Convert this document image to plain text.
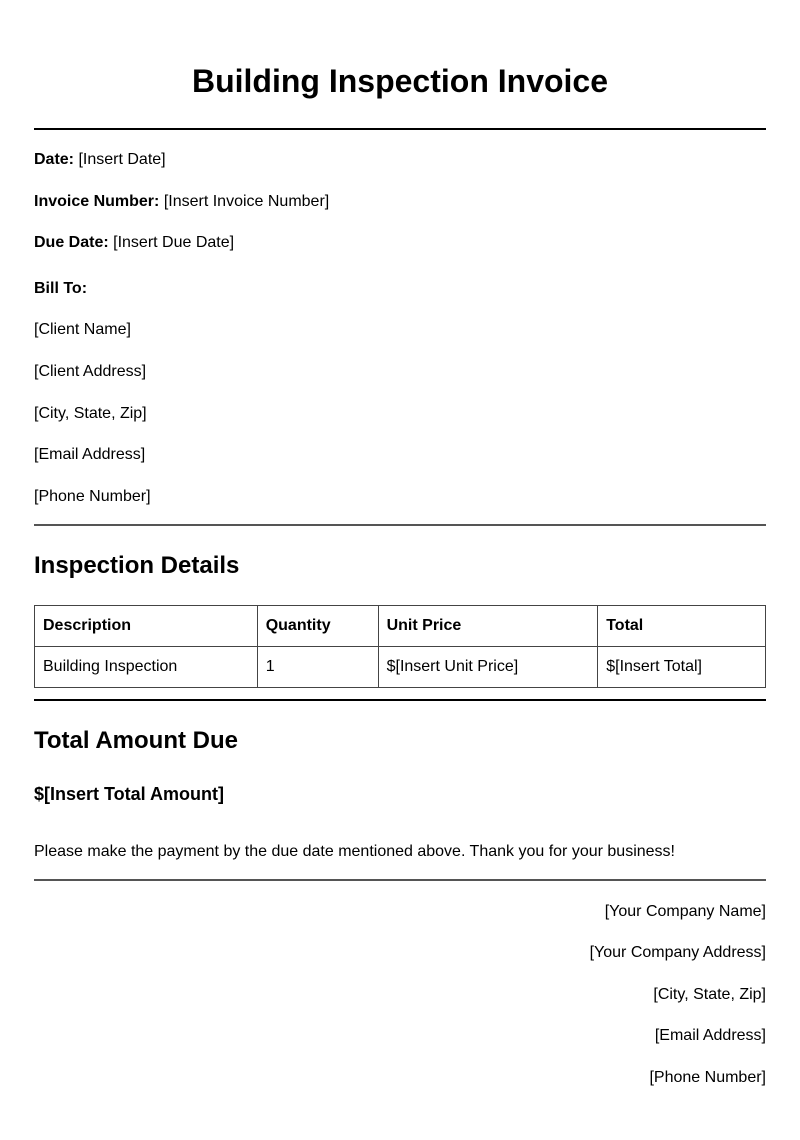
Building Inspection Invoice

Date: [Insert Date]

Invoice Number: [Insert Invoice Number]

Due Date: [Insert Due Date]

Bill To:

[Client Name]

[Client Address]

[City, State, Zip]

[Email Address]

[Phone Number]

Inspection Details
Description	Quantity	Unit Price	Total
Building Inspection	1	$[Insert Unit Price]	$[Insert Total]
Total Amount Due

$[Insert Total Amount]

Please make the payment by the due date mentioned above. Thank you for your business!

[Your Company Name]

[Your Company Address]

[City, State, Zip]

[Email Address]

[Phone Number]
